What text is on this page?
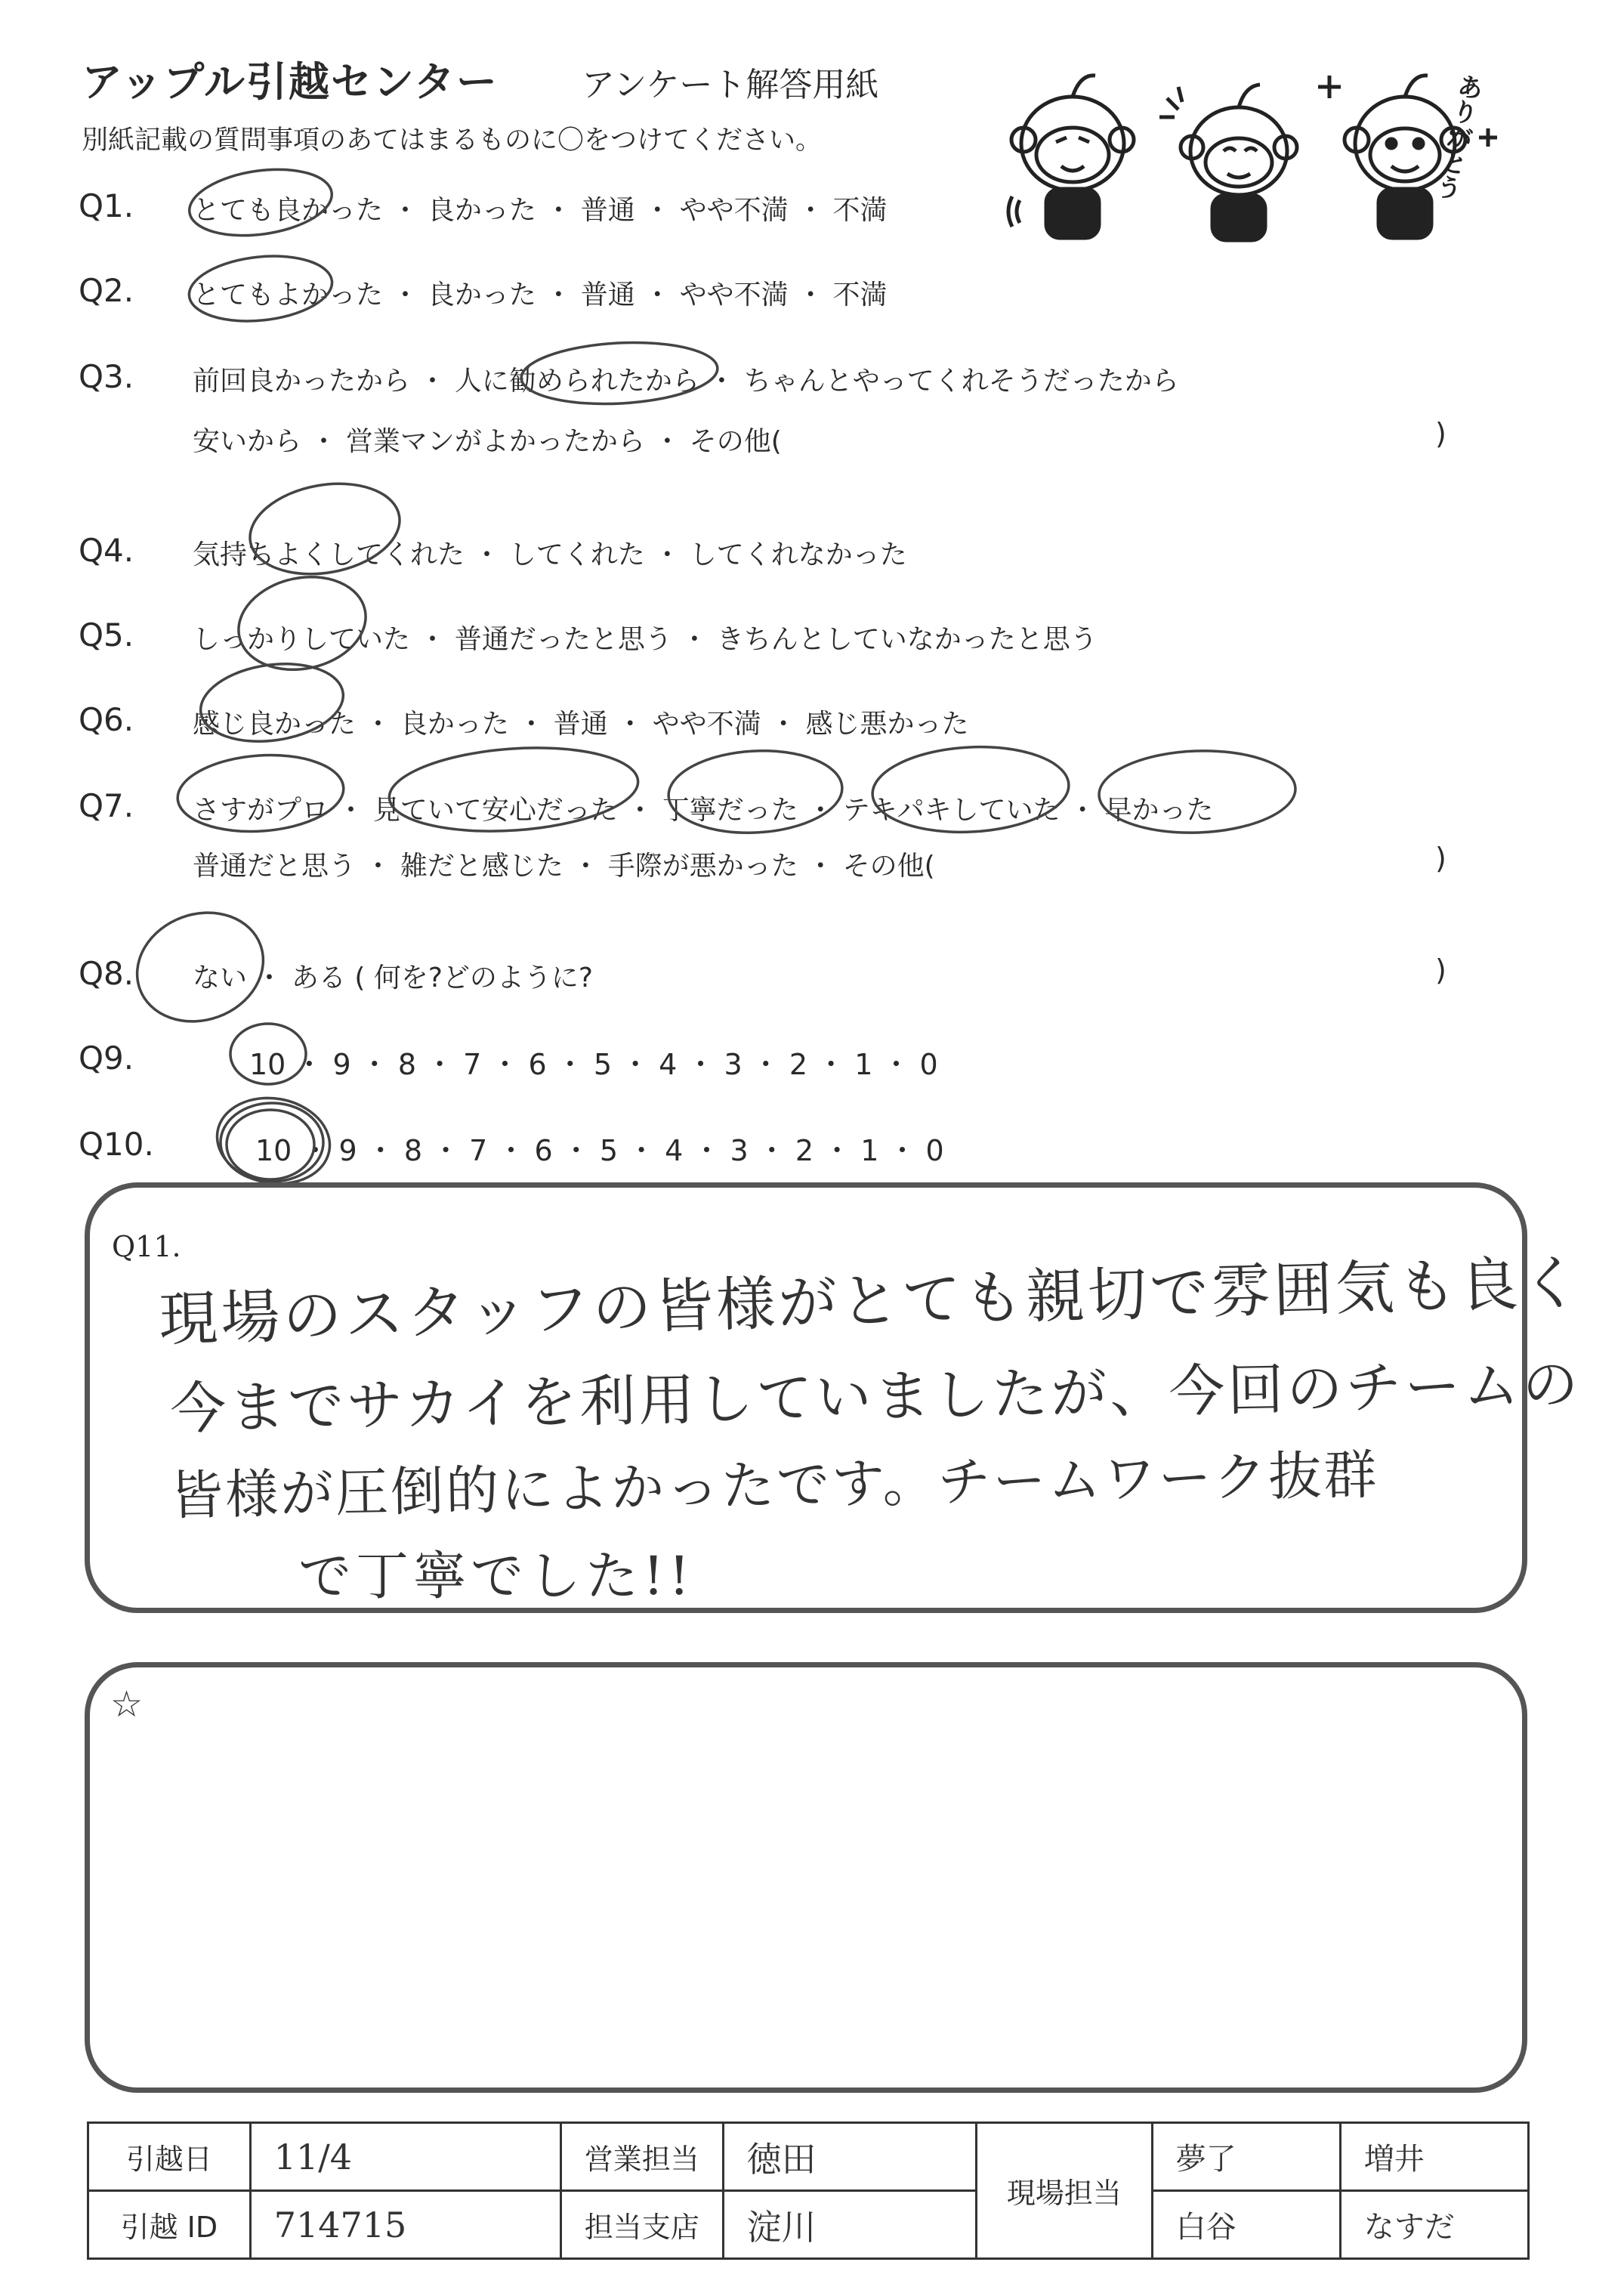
アップル引越センター	アンケート解答用紙
別紙記載の質問事項のあてはまるものに〇をつけてください。	ありがとう
Q1. とても良かった ・ 良かった ・ 普通 ・ やや不満 ・ 不満
Q2. とてもよかった ・ 良かった ・ 普通 ・ やや不満 ・ 不満
Q3. 前回良かったから ・ 人に勧められたから ・ ちゃんとやってくれそうだったから
安いから ・ 営業マンがよかったから ・ その他(	)
Q4. 気持ちよくしてくれた ・ してくれた ・ してくれなかった
Q5. しっかりしていた ・ 普通だったと思う ・ きちんとしていなかったと思う
Q6. 感じ良かった ・ 良かった ・ 普通 ・ やや不満 ・ 感じ悪かった
Q7. さすがプロ ・ 見ていて安心だった ・ 丁寧だった ・ テキパキしていた ・ 早かった
普通だと思う ・ 雑だと感じた ・ 手際が悪かった ・ その他(	)
Q8. ない ・ ある ( 何を?どのように?	)
Q9.	10 ・ 9 ・ 8 ・ 7 ・ 6 ・ 5 ・ 4 ・ 3 ・ 2 ・ 1 ・ 0
Q10.	10 ・ 9 ・ 8 ・ 7 ・ 6 ・ 5 ・ 4 ・ 3 ・ 2 ・ 1 ・ 0
Q11.
現場のスタッフの皆様がとても親切で雰囲気も良く
今までサカイを利用していましたが、今回のチームの
皆様が圧倒的によかったです。チームワーク抜群
で丁寧でした!!
☆
引越日	11/4	営業担当	徳田	現場担当	夢了	増井
引越 ID	714715	担当支店	淀川		白谷	なすだ
